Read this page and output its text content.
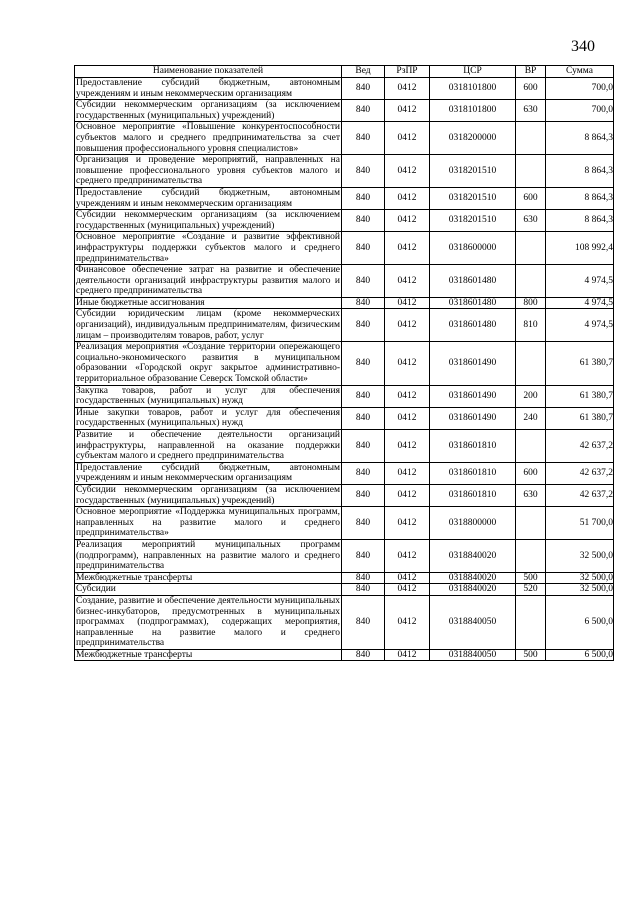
340
Наименование показателей	Вед	РзПР	ЦСР	ВР	Сумма
Предоставление субсидий бюджетным, автономным учреждениям и иным некоммерческим организациям	840	0412	0318101800	600	700,0
Субсидии некоммерческим организациям (за исключением государственных (муниципальных) учреждений)	840	0412	0318101800	630	700,0
Основное мероприятие «Повышение конкурентоспособности субъектов малого и среднего предпринимательства за счет повышения профессионального уровня специалистов»	840	0412	0318200000		8 864,3
Организация и проведение мероприятий, направленных на повышение профессионального уровня субъектов малого и среднего предпринимательства	840	0412	0318201510		8 864,3
Предоставление субсидий бюджетным, автономным учреждениям и иным некоммерческим организациям	840	0412	0318201510	600	8 864,3
Субсидии некоммерческим организациям (за исключением государственных (муниципальных) учреждений)	840	0412	0318201510	630	8 864,3
Основное мероприятие «Создание и развитие эффективной инфраструктуры поддержки субъектов малого и среднего предпринимательства»	840	0412	0318600000		108 992,4
Финансовое обеспечение затрат на развитие и обеспечение деятельности организаций инфраструктуры развития малого и среднего предпринимательства	840	0412	0318601480		4 974,5
Иные бюджетные ассигнования	840	0412	0318601480	800	4 974,5
Субсидии юридическим лицам (кроме некоммерческих организаций), индивидуальным предпринимателям, физическим лицам – производителям товаров, работ, услуг	840	0412	0318601480	810	4 974,5
Реализация мероприятия «Создание территории опережающего социально-экономического развития в муниципальном образовании «Городской округ закрытое административно-территориальное образование Северск Томской области»	840	0412	0318601490		61 380,7
Закупка товаров, работ и услуг для обеспечения государственных (муниципальных) нужд	840	0412	0318601490	200	61 380,7
Иные закупки товаров, работ и услуг для обеспечения государственных (муниципальных) нужд	840	0412	0318601490	240	61 380,7
Развитие и обеспечение деятельности организаций инфраструктуры, направленной на оказание поддержки субъектам малого и среднего предпринимательства	840	0412	0318601810		42 637,2
Предоставление субсидий бюджетным, автономным учреждениям и иным некоммерческим организациям	840	0412	0318601810	600	42 637,2
Субсидии некоммерческим организациям (за исключением государственных (муниципальных) учреждений)	840	0412	0318601810	630	42 637,2
Основное мероприятие «Поддержка муниципальных программ, направленных на развитие малого и среднего предпринимательства»	840	0412	0318800000		51 700,0
Реализация мероприятий муниципальных программ (подпрограмм), направленных на развитие малого и среднего предпринимательства	840	0412	0318840020		32 500,0
Межбюджетные трансферты	840	0412	0318840020	500	32 500,0
Субсидии	840	0412	0318840020	520	32 500,0
Создание, развитие и обеспечение деятельности муниципальных бизнес-инкубаторов, предусмотренных в муниципальных программах (подпрограммах), содержащих мероприятия, направленные на развитие малого и среднего предпринимательства	840	0412	0318840050		6 500,0
Межбюджетные трансферты	840	0412	0318840050	500	6 500,0
